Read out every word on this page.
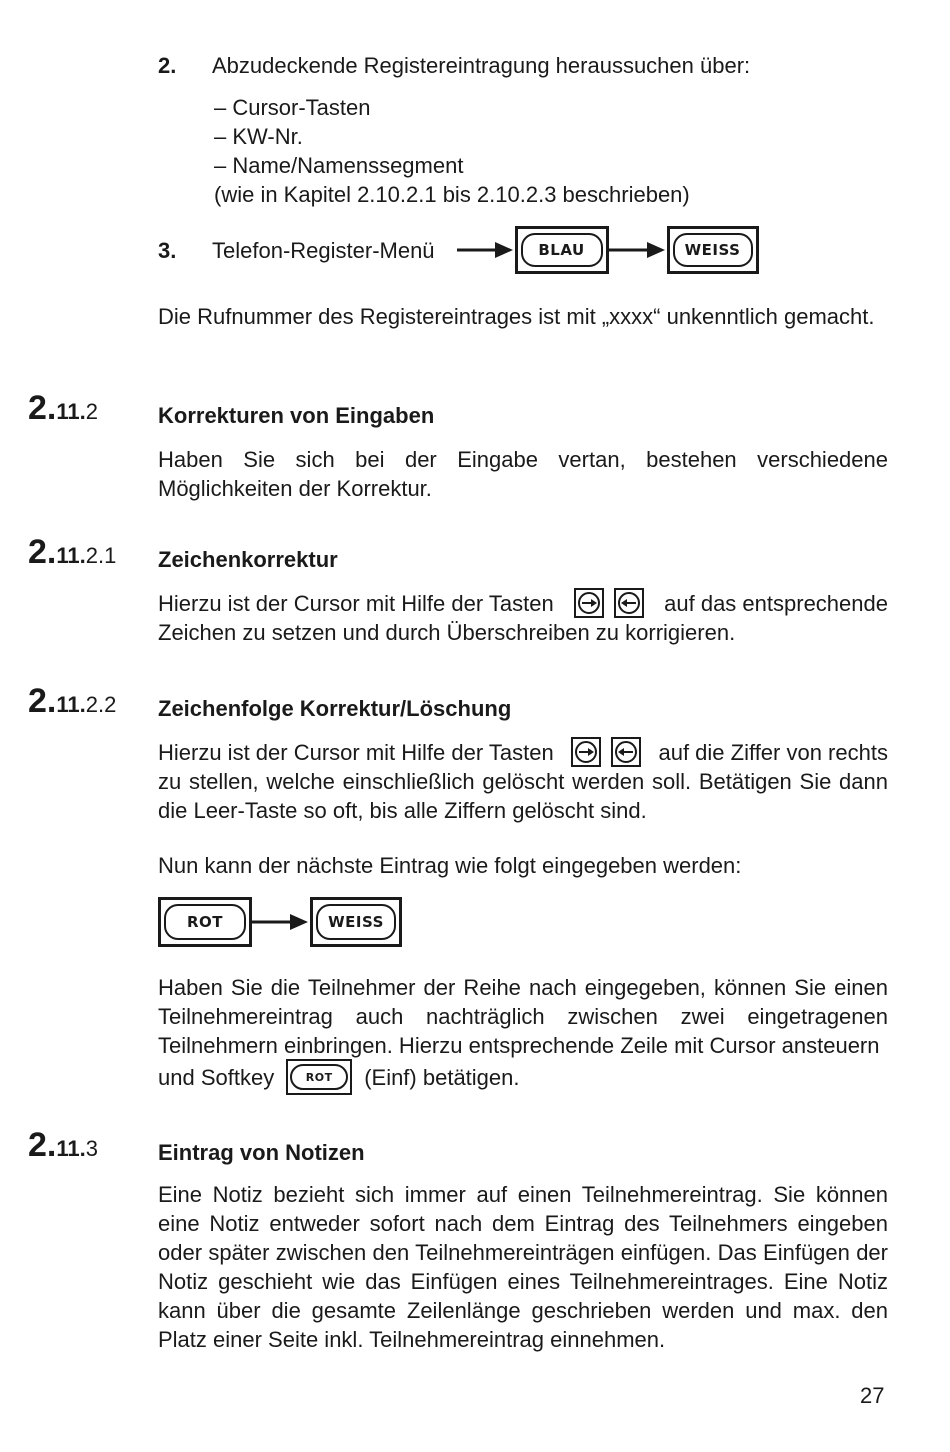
2. Abzudeckende Registereintragung heraussuchen über:
– Cursor-Tasten
– KW-Nr.
– Name/Namenssegment
(wie in Kapitel 2.10.2.1 bis 2.10.2.3 beschrieben)
3.	Telefon-Register-Menü	BLAU	WEISS
Die Rufnummer des Registereintrages ist mit „xxxx“ unkenntlich gemacht.
2.11.2	Korrekturen von Eingaben
Haben Sie sich bei der Eingabe vertan, bestehen verschiedene Möglichkeiten der Korrektur.
2.11.2.1 Zeichenkorrektur
Hierzu ist der Cursor mit Hilfe der Tasten	auf das entsprechende
Zeichen zu setzen und durch Überschreiben zu korrigieren.
2.11.2.2 Zeichenfolge Korrektur/Löschung
Hierzu ist der Cursor mit Hilfe der Tasten	auf die Ziffer von rechts
zu stellen, welche einschließlich gelöscht werden soll. Betätigen Sie dann die Leer-Taste so oft, bis alle Ziffern gelöscht sind.
Nun kann der nächste Eintrag wie folgt eingegeben werden:
ROT	WEISS
Haben Sie die Teilnehmer der Reihe nach eingegeben, können Sie einen Teilnehmereintrag auch nachträglich zwischen zwei eingetragenen Teilnehmern einbringen. Hierzu entsprechende Zeile mit Cursor ansteuern
und Softkey	ROT	(Einf) betätigen.
2.11.3	Eintrag von Notizen
Eine Notiz bezieht sich immer auf einen Teilnehmereintrag. Sie können eine Notiz entweder sofort nach dem Eintrag des Teilnehmers eingeben oder später zwischen den Teilnehmereinträgen einfügen. Das Einfügen der Notiz geschieht wie das Einfügen eines Teilnehmereintrages. Eine Notiz kann über die gesamte Zeilenlänge geschrieben werden und max. den Platz einer Seite inkl. Teilnehmereintrag einnehmen.
27
